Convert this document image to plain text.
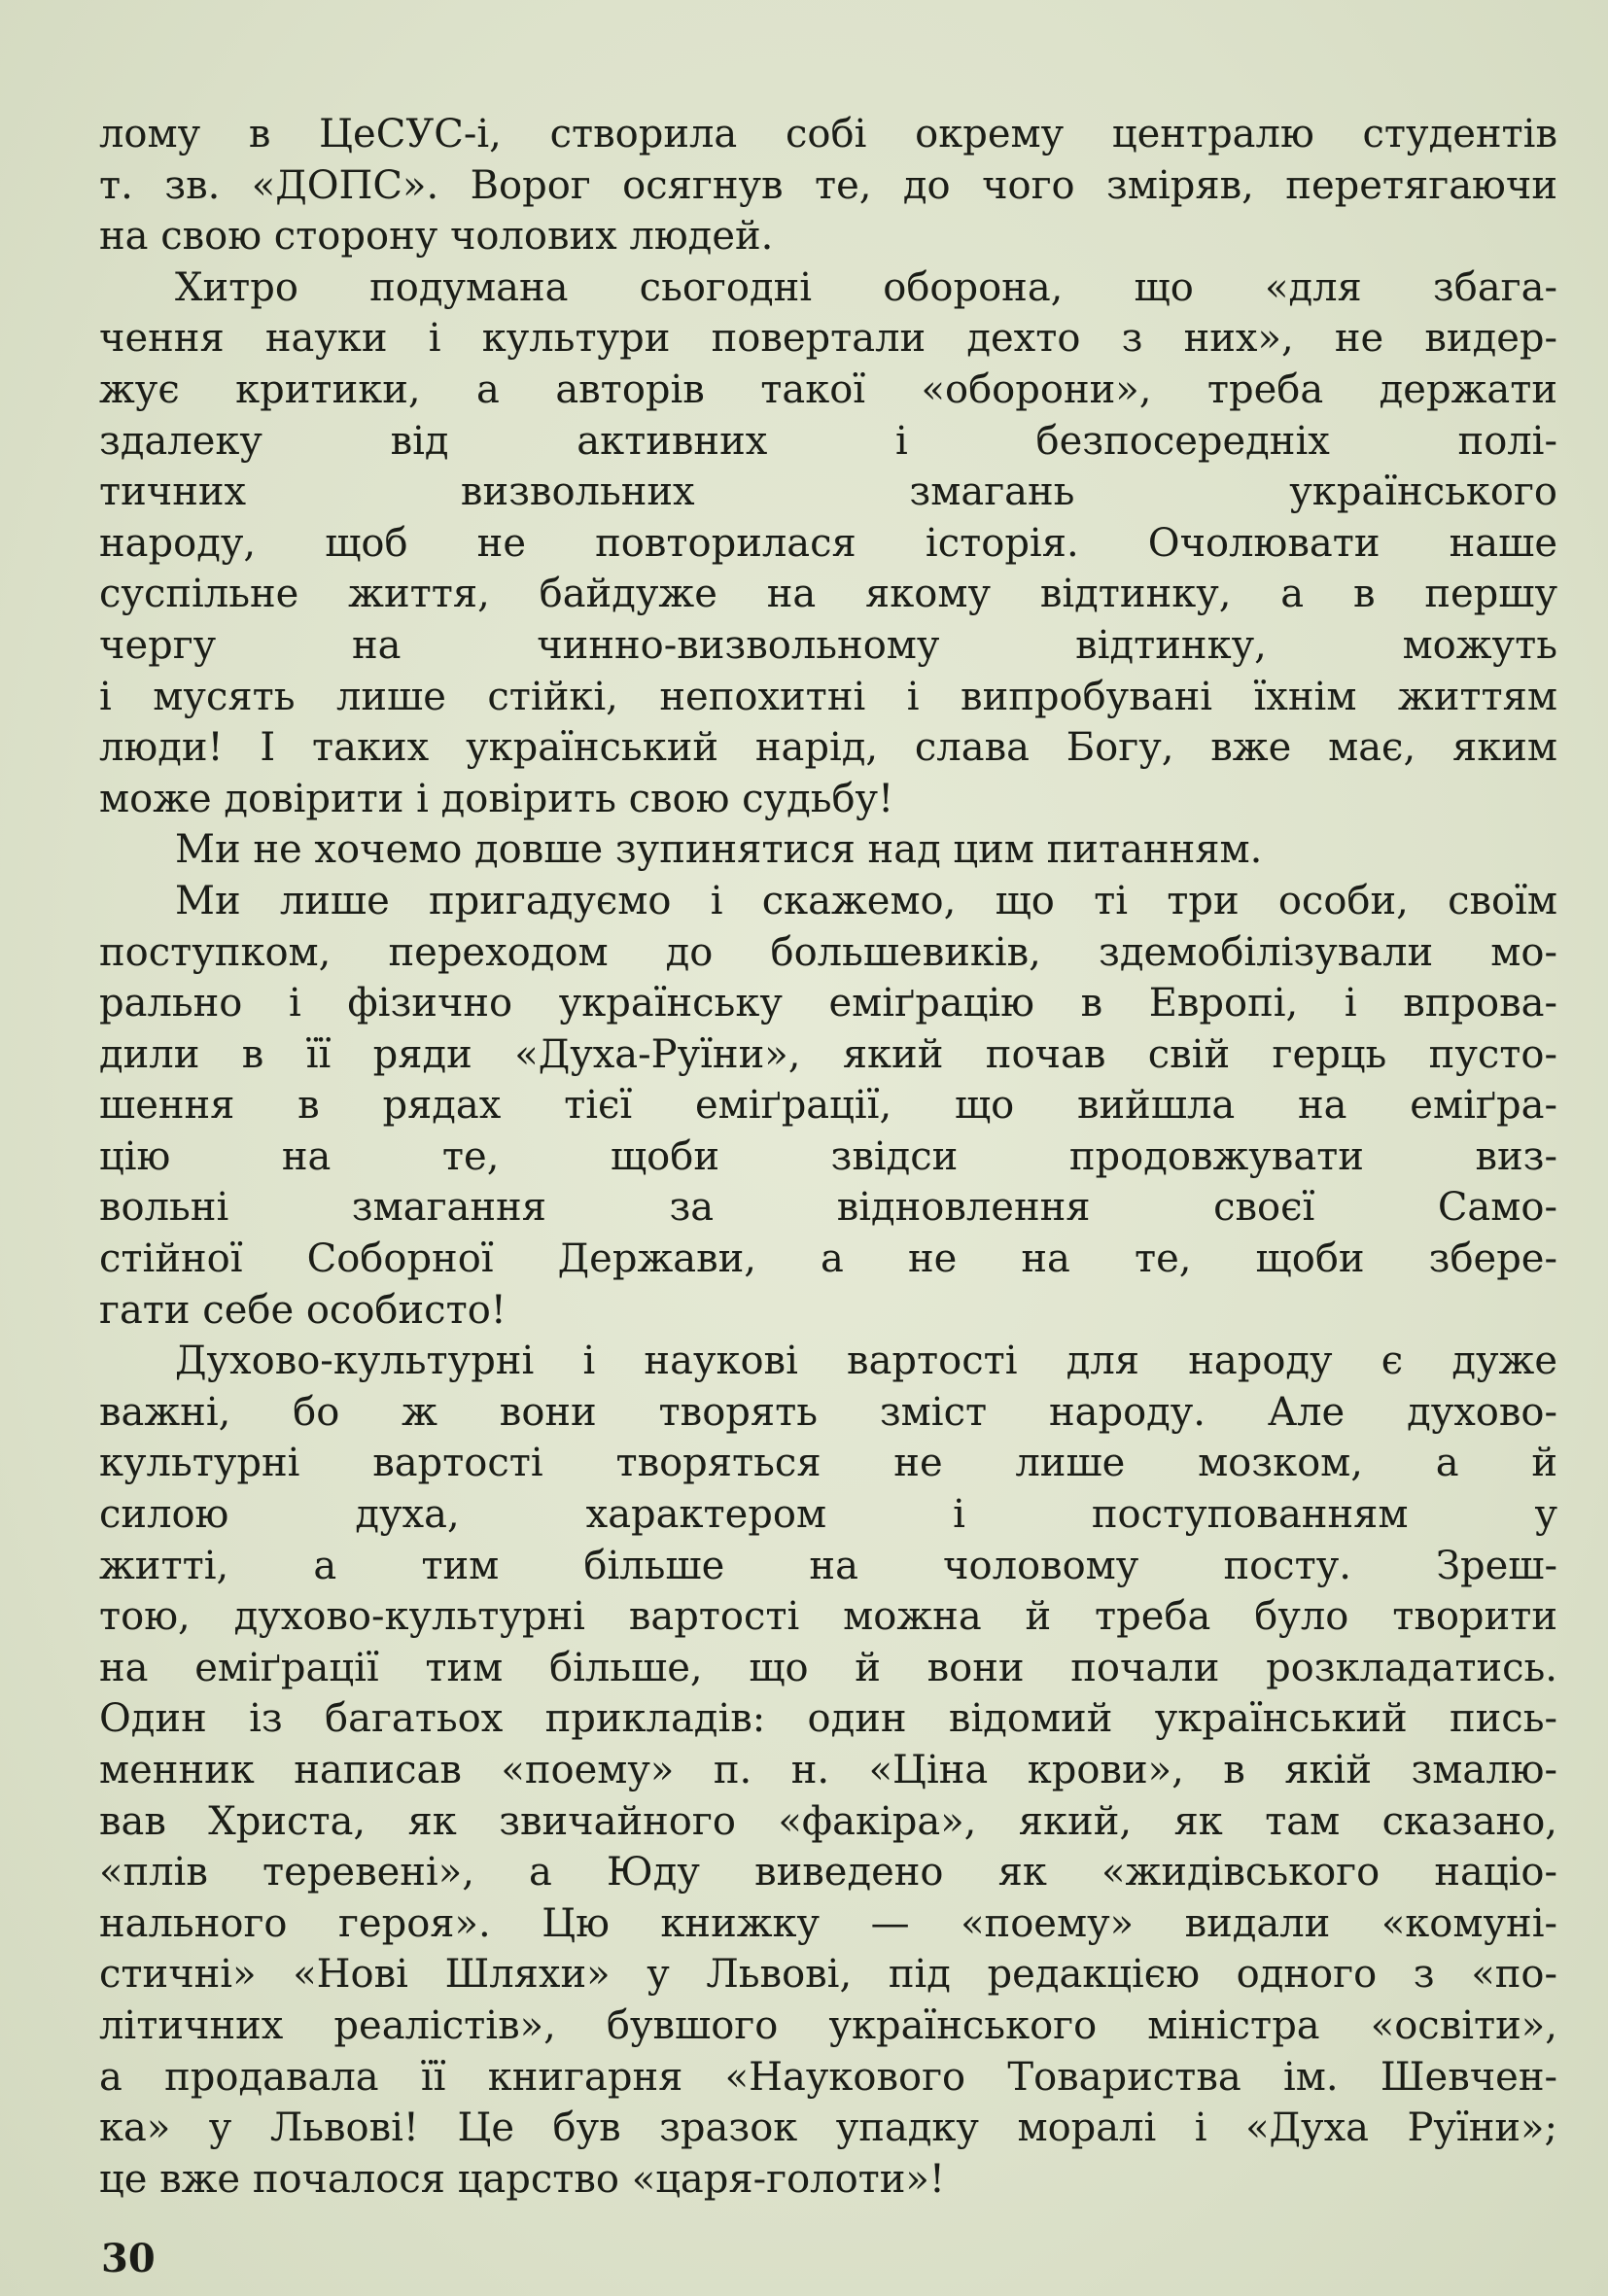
лому в ЦеСУС-і, створила собі окрему централю студентів
т. зв. «ДОПС». Ворог осягнув те, до чого зміряв, перетягаючи
на свою сторону чолових людей.
Хитро подумана сьогодні оборона, що «для збага-
чення науки і культури повертали дехто з них», не видер-
жує критики, а авторів такої «оборони», треба держати
здалеку від активних і безпосередніх полі-
тичних визвольних змагань українського
народу, щоб не повторилася історія. Очолювати наше
суспільне життя, байдуже на якому відтинку, а в першу
чергу на чинно-визвольному відтинку, можуть
і мусять лише стійкі, непохитні і випробувані їхнім життям
люди! І таких український нарід, слава Богу, вже має, яким
може довірити і довірить свою судьбу!
Ми не хочемо довше зупинятися над цим питанням.
Ми лише пригадуємо і скажемо, що ті три особи, своїм
поступком, переходом до большевиків, здемобілізували мо-
рально і фізично українську еміґрацію в Европі, і впрова-
дили в її ряди «Духа-Руїни», який почав свій герць пусто-
шення в рядах тієї еміґрації, що вийшла на еміґра-
цію на те, щоби звідси продовжувати виз-
вольні змагання за відновлення своєї Само-
стійної Соборної Держави, а не на те, щоби збере-
гати себе особисто!
Духово-культурні і наукові вартості для народу є дуже
важні, бо ж вони творять зміст народу. Але духово-
культурні вартості творяться не лише мозком, а й
силою духа, характером і поступованням у
житті, а тим більше на чоловому посту. Зреш-
тою, духово-культурні вартості можна й треба було творити
на еміґрації тим більше, що й вони почали розкладатись.
Один із багатьох прикладів: один відомий український пись-
менник написав «поему» п. н. «Ціна крови», в якій змалю-
вав Христа, як звичайного «факіра», який, як там сказано,
«плів теревені», а Юду виведено як «жидівського націо-
нального героя». Цю книжку — «поему» видали «комуні-
стичні» «Нові Шляхи» у Львові, під редакцією одного з «по-
літичних реалістів», бувшого українського міністра «освіти»,
а продавала її книгарня «Наукового Товариства ім. Шевчен-
ка» у Львові! Це був зразок упадку моралі і «Духа Руїни»;
це вже почалося царство «царя-голоти»!
30
